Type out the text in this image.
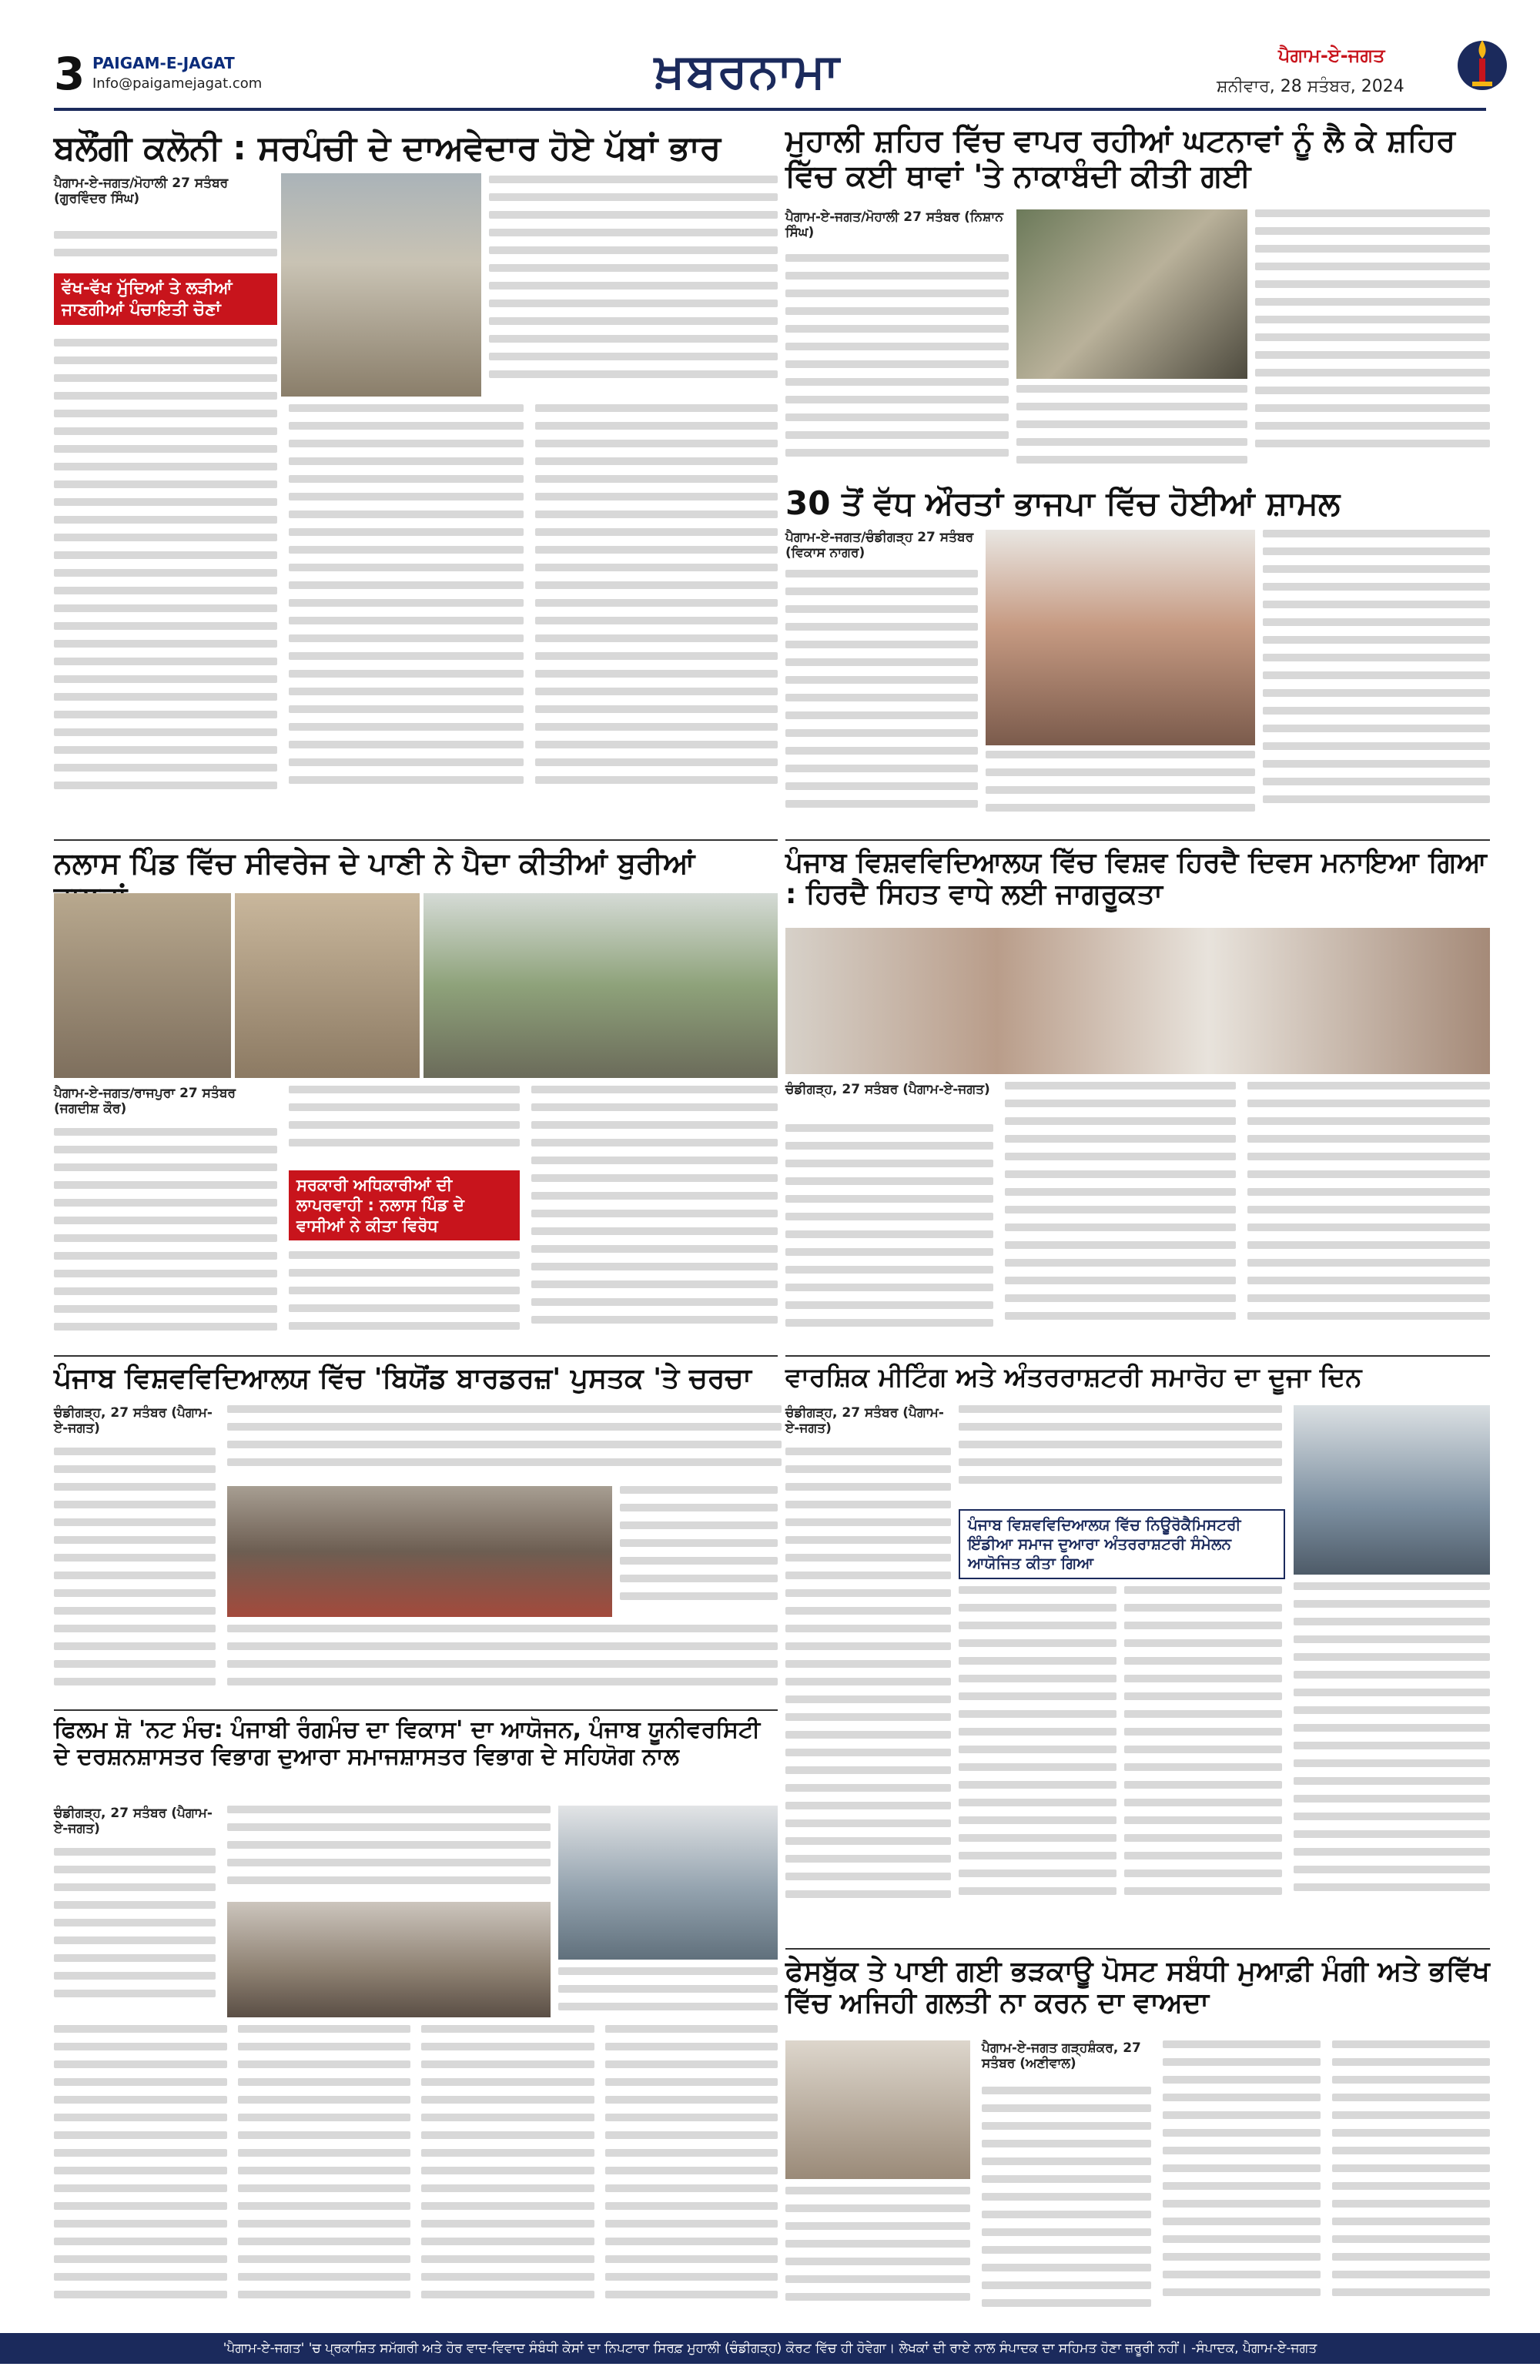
3 PAIGAM-E-JAGAT
Info@paigamejagat.com	ਖ਼ਬਰਨਾਮਾ	ਪੈਗਾਮ-ਏ-ਜਗਤ
ਸ਼ਨੀਵਾਰ, 28 ਸਤੰਬਰ, 2024
ਬਲੌਂਗੀ ਕਲੋਨੀ : ਸਰਪੰਚੀ ਦੇ ਦਾਅਵੇਦਾਰ ਹੋਏ ਪੱਬਾਂ ਭਾਰ
ਪੈਗਾਮ-ਏ-ਜਗਤ/ਮੋਹਾਲੀ 27 ਸਤੰਬਰ (ਗੁਰਵਿੰਦਰ ਸਿੰਘ)
ਵੱਖ-ਵੱਖ ਮੁੱਦਿਆਂ ਤੇ ਲੜੀਆਂ ਜਾਣਗੀਆਂ ਪੰਚਾਇਤੀ ਚੋਣਾਂ
ਮੁਹਾਲੀ ਸ਼ਹਿਰ ਵਿੱਚ ਵਾਪਰ ਰਹੀਆਂ ਘਟਨਾਵਾਂ ਨੂੰ ਲੈ ਕੇ ਸ਼ਹਿਰ ਵਿੱਚ ਕਈ ਥਾਵਾਂ 'ਤੇ ਨਾਕਾਬੰਦੀ ਕੀਤੀ ਗਈ
ਪੈਗਾਮ-ਏ-ਜਗਤ/ਮੋਹਾਲੀ 27 ਸਤੰਬਰ (ਨਿਸ਼ਾਨ ਸਿੰਘ)
30 ਤੋਂ ਵੱਧ ਔਰਤਾਂ ਭਾਜਪਾ ਵਿੱਚ ਹੋਈਆਂ ਸ਼ਾਮਲ
ਪੈਗਾਮ-ਏ-ਜਗਤ/ਚੰਡੀਗੜ੍ਹ 27 ਸਤੰਬਰ (ਵਿਕਾਸ ਨਾਗਰ)
ਨਲਾਸ ਪਿੰਡ ਵਿੱਚ ਸੀਵਰੇਜ ਦੇ ਪਾਣੀ ਨੇ ਪੈਦਾ ਕੀਤੀਆਂ ਬੁਰੀਆਂ
ਪੈਗਾਮ-ਏ-ਜਗਤ/ਰਾਜਪੁਰਾ 27 ਸਤੰਬਰ (ਜਗਦੀਸ਼ ਕੌਰ)
ਸਰਕਾਰੀ ਅਧਿਕਾਰੀਆਂ ਦੀ ਲਾਪਰਵਾਹੀ : ਨਲਾਸ ਪਿੰਡ ਦੇ ਵਾਸੀਆਂ ਨੇ ਕੀਤਾ ਵਿਰੋਧ
ਪੰਜਾਬ ਵਿਸ਼ਵਵਿਦਿਆਲਯ ਵਿੱਚ ਵਿਸ਼ਵ ਹਿਰਦੈ ਦਿਵਸ ਮਨਾਇਆ ਗਿਆ : ਹਿਰਦੈ ਸਿਹਤ ਵਾਧੇ ਲਈ ਜਾਗਰੂਕਤਾ
ਚੰਡੀਗੜ੍ਹ, 27 ਸਤੰਬਰ (ਪੈਗਾਮ-ਏ-ਜਗਤ)
ਪੰਜਾਬ ਵਿਸ਼ਵਵਿਦਿਆਲਯ ਵਿੱਚ 'ਬਿਯੋਂਡ ਬਾਰਡਰਜ਼' ਪੁਸਤਕ 'ਤੇ ਚਰਚਾ
ਚੰਡੀਗੜ੍ਹ, 27 ਸਤੰਬਰ (ਪੈਗਾਮ-ਏ-ਜਗਤ)
ਵਾਰਸ਼ਿਕ ਮੀਟਿੰਗ ਅਤੇ ਅੰਤਰਰਾਸ਼ਟਰੀ ਸਮਾਰੋਹ ਦਾ ਦੂਜਾ ਦਿਨ
ਚੰਡੀਗੜ੍ਹ, 27 ਸਤੰਬਰ (ਪੈਗਾਮ-ਏ-ਜਗਤ)
ਪੰਜਾਬ ਵਿਸ਼ਵਵਿਦਿਆਲਯ ਵਿੱਚ ਨਿਊਰੋਕੈਮਿਸਟਰੀ ਇੰਡੀਆ ਸਮਾਜ ਦੁਆਰਾ ਅੰਤਰਰਾਸ਼ਟਰੀ ਸੰਮੇਲਨ ਆਯੋਜਿਤ ਕੀਤਾ ਗਿਆ
ਫਿਲਮ ਸ਼ੋ 'ਨਟ ਮੰਚ: ਪੰਜਾਬੀ ਰੰਗਮੰਚ ਦਾ ਵਿਕਾਸ' ਦਾ ਆਯੋਜਨ, ਪੰਜਾਬ ਯੂਨੀਵਰਸਿਟੀ ਦੇ ਦਰਸ਼ਨਸ਼ਾਸਤਰ ਵਿਭਾਗ ਦੁਆਰਾ ਸਮਾਜਸ਼ਾਸਤਰ ਵਿਭਾਗ ਦੇ ਸਹਿਯੋਗ ਨਾਲ
ਚੰਡੀਗੜ੍ਹ, 27 ਸਤੰਬਰ (ਪੈਗਾਮ-ਏ-ਜਗਤ)
ਫੇਸਬੁੱਕ ਤੇ ਪਾਈ ਗਈ ਭੜਕਾਊ ਪੋਸਟ ਸਬੰਧੀ ਮੁਆਫ਼ੀ ਮੰਗੀ ਅਤੇ ਭਵਿੱਖ ਵਿੱਚ ਅਜਿਹੀ ਗਲਤੀ ਨਾ ਕਰਨ ਦਾ ਵਾਅਦਾ
ਪੈਗਾਮ-ਏ-ਜਗਤ ਗੜ੍ਹਸ਼ੰਕਰ, 27 ਸਤੰਬਰ (ਅਣੀਵਾਲ)
'ਪੈਗਾਮ-ਏ-ਜਗਤ' 'ਚ ਪ੍ਰਕਾਸ਼ਿਤ ਸਮੱਗਰੀ ਅਤੇ ਹੋਰ ਵਾਦ-ਵਿਵਾਦ ਸੰਬੰਧੀ ਕੇਸਾਂ ਦਾ ਨਿਪਟਾਰਾ ਸਿਰਫ਼ ਮੁਹਾਲੀ (ਚੰਡੀਗੜ੍ਹ) ਕੋਰਟ ਵਿੱਚ ਹੀ ਹੋਵੇਗਾ। ਲੇਖਕਾਂ ਦੀ ਰਾਏ ਨਾਲ ਸੰਪਾਦਕ ਦਾ ਸਹਿਮਤ ਹੋਣਾ ਜ਼ਰੂਰੀ ਨਹੀਂ। -ਸੰਪਾਦਕ, ਪੈਗਾਮ-ਏ-ਜਗਤ
